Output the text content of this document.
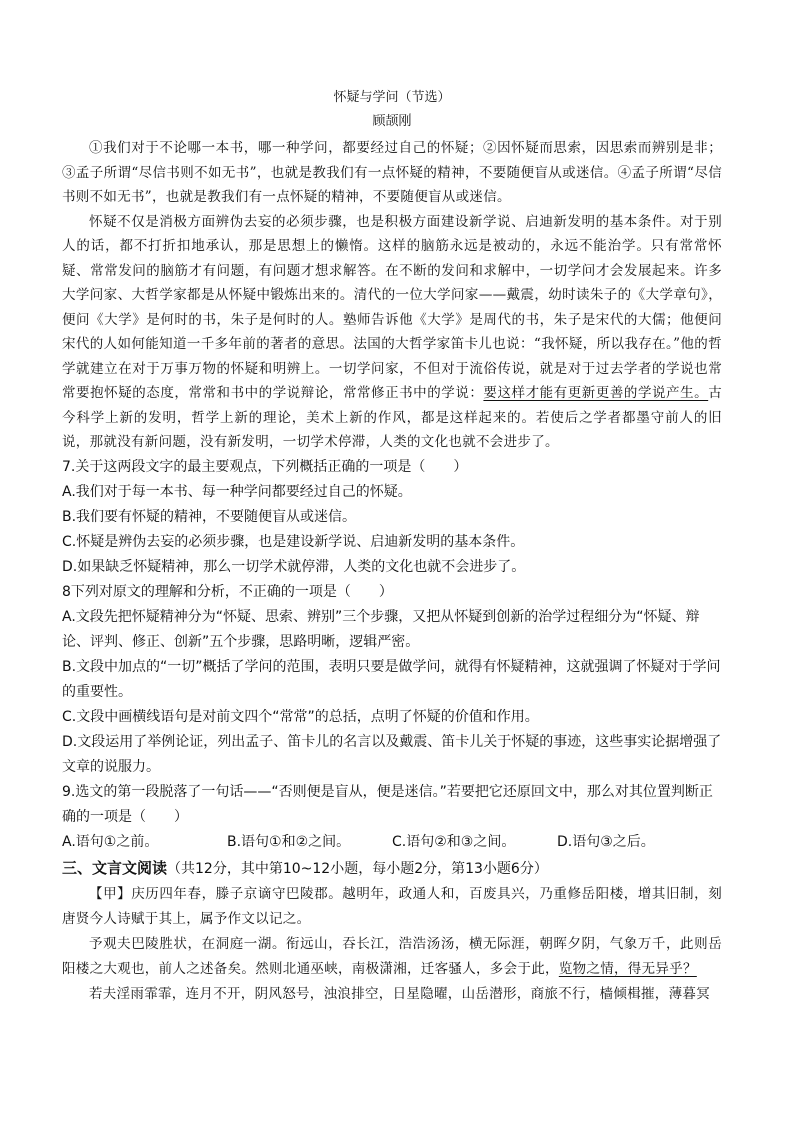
怀疑与学问（节选）

顾颉刚

①我们对于不论哪一本书，哪一种学问，都要经过自己的怀疑；②因怀疑而思索，因思索而辨别是非；③孟子所谓“尽信书则不如无书”，也就是教我们有一点怀疑的精神，不要随便盲从或迷信。④孟子所谓“尽信书则不如无书”，也就是教我们有一点怀疑的精神，不要随便盲从或迷信。

怀疑不仅是消极方面辨伪去妄的必须步骤，也是积极方面建设新学说、启迪新发明的基本条件。对于别人的话，都不打折扣地承认，那是思想上的懒惰。这样的脑筋永远是被动的，永远不能治学。只有常常怀疑、常常发问的脑筋才有问题，有问题才想求解答。在不断的发问和求解中，一切学问才会发展起来。许多大学问家、大哲学家都是从怀疑中锻炼出来的。清代的一位大学问家——戴震，幼时读朱子的《大学章句》，便问《大学》是何时的书，朱子是何时的人。塾师告诉他《大学》是周代的书，朱子是宋代的大儒；他便问宋代的人如何能知道一千多年前的著者的意思。法国的大哲学家笛卡儿也说：“我怀疑，所以我存在。”他的哲学就建立在对于万事万物的怀疑和明辨上。一切学问家，不但对于流俗传说，就是对于过去学者的学说也常常要抱怀疑的态度，常常和书中的学说辩论，常常修正书中的学说：要这样才能有更新更善的学说产生。古今科学上新的发明，哲学上新的理论，美术上新的作风，都是这样起来的。若使后之学者都墨守前人的旧说，那就没有新问题，没有新发明，一切学术停滞，人类的文化也就不会进步了。

7.关于这两段文字的最主要观点，下列概括正确的一项是（　　）

A.我们对于每一本书、每一种学问都要经过自己的怀疑。

B.我们要有怀疑的精神，不要随便盲从或迷信。

C.怀疑是辨伪去妄的必须步骤，也是建设新学说、启迪新发明的基本条件。

D.如果缺乏怀疑精神，那么一切学术就停滞，人类的文化也就不会进步了。

8下列对原文的理解和分析，不正确的一项是（　　）

A.文段先把怀疑精神分为“怀疑、思索、辨别”三个步骤，又把从怀疑到创新的治学过程细分为“怀疑、辩论、评判、修正、创新”五个步骤，思路明晰，逻辑严密。

B.文段中加点的“一切”概括了学问的范围，表明只要是做学问，就得有怀疑精神，这就强调了怀疑对于学问的重要性。

C.文段中画横线语句是对前文四个“常常”的总括，点明了怀疑的价值和作用。

D.文段运用了举例论证，列出孟子、笛卡儿的名言以及戴震、笛卡儿关于怀疑的事迹，这些事实论据增强了文章的说服力。

9.选文的第一段脱落了一句话——“否则便是盲从，便是迷信。”若要把它还原回文中，那么对其位置判断正确的一项是（　　）

A.语句①之前。	B.语句①和②之间。	C.语句②和③之间。	D.语句③之后。

三、文言文阅读（共12分，其中第10~12小题，每小题2分，第13小题6分）

【甲】庆历四年春，滕子京谪守巴陵郡。越明年，政通人和，百废具兴，乃重修岳阳楼，增其旧制，刻唐贤今人诗赋于其上，属予作文以记之。

予观夫巴陵胜状，在洞庭一湖。衔远山，吞长江，浩浩汤汤，横无际涯，朝晖夕阴，气象万千，此则岳阳楼之大观也，前人之述备矣。然则北通巫峡，南极潇湘，迁客骚人，多会于此，览物之情，得无异乎？

若夫淫雨霏霏，连月不开，阴风怒号，浊浪排空，日星隐曜，山岳潜形，商旅不行，樯倾楫摧，薄暮冥
